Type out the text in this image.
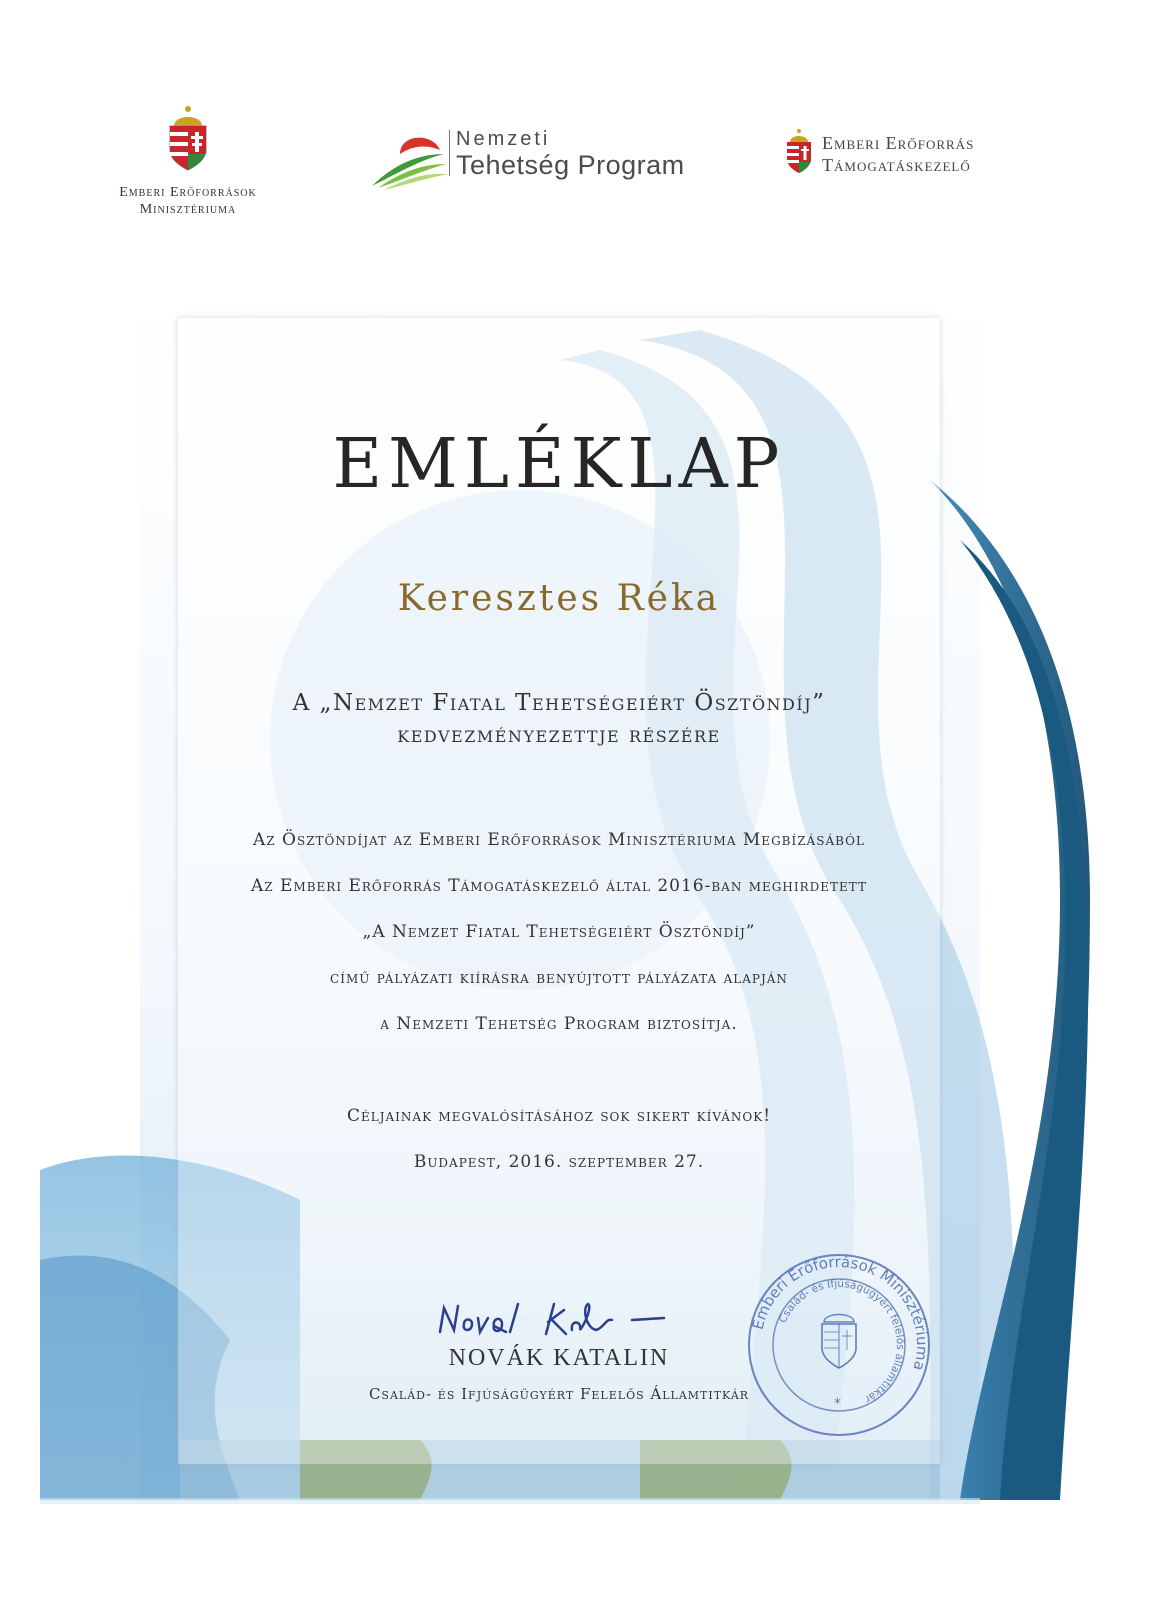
Emberi Erőforrások
Minisztériuma
Nemzeti
Tehetség Program
Emberi Erőforrás
Támogatáskezelő
EMLÉKLAP
Keresztes Réka
A „Nemzet Fiatal Tehetségeiért Ösztöndíj”
kedvezményezettje részére
Az Ösztöndíjat az Emberi Erőforrások Minisztériuma Megbízásából
Az Emberi Erőforrás Támogatáskezelő által 2016-ban meghirdetett
„A Nemzet Fiatal Tehetségeiért Ösztöndíj”
című pályázati kiírásra benyújtott pályázata alapján
a Nemzeti Tehetség Program biztosítja.
Céljainak megvalósításához sok sikert kívánok!
Budapest, 2016. szeptember 27.
NOVÁK KATALIN
Család- és Ifjúságügyért Felelős Államtitkár
Emberi Erőforrások Minisztériuma
Család- és Ifjúságügyért felelős államtitkár
*
